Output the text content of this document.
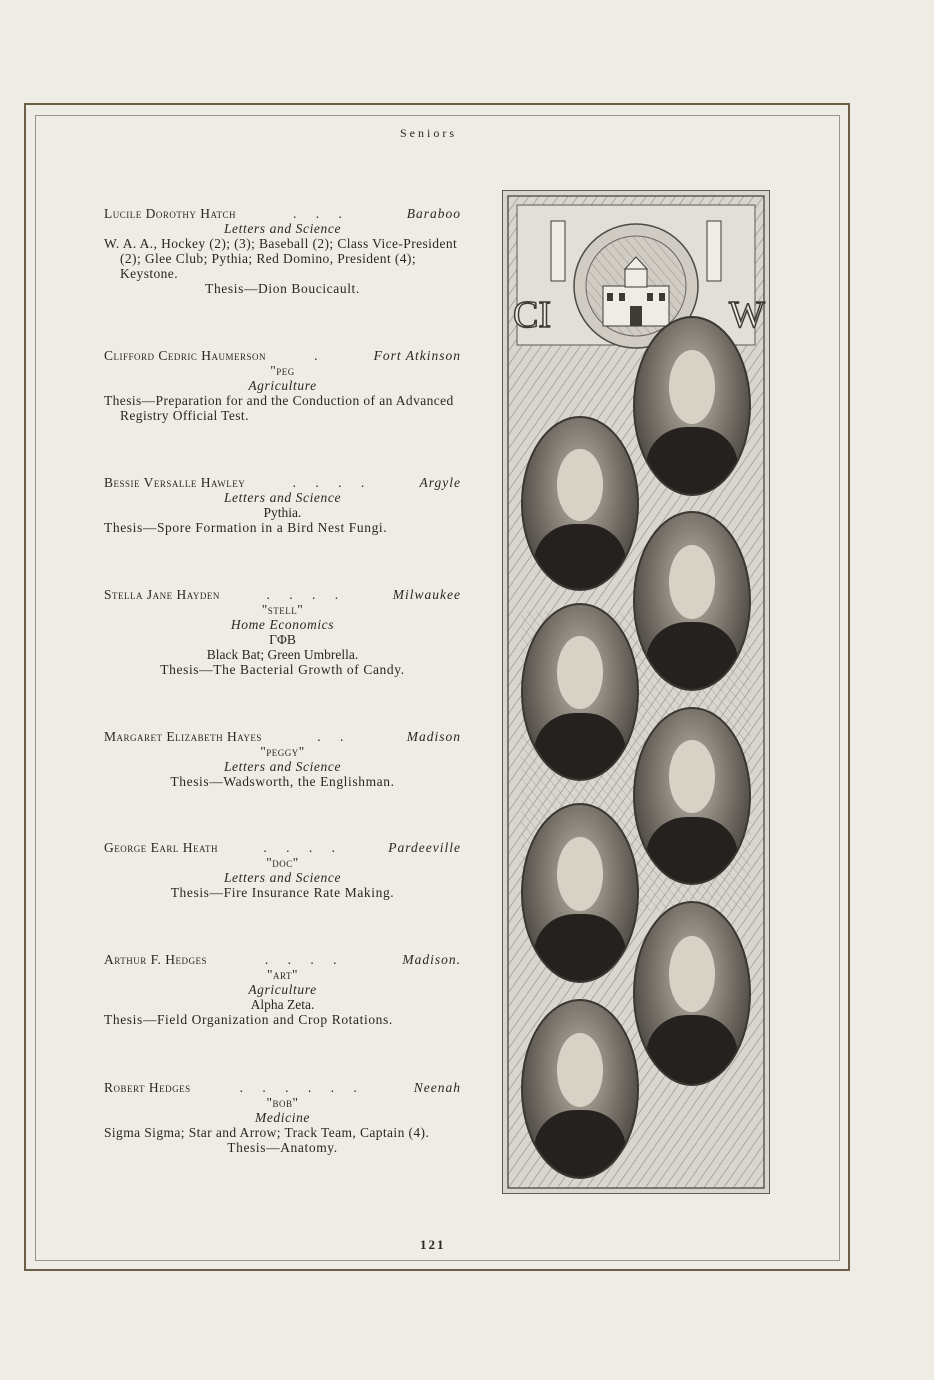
Seniors
Lucile Dorothy Hatch	. . .	Baraboo
Letters and Science
W. A. A., Hockey (2); (3); Baseball (2); Class Vice-President (2); Glee Club; Pythia; Red Domino, President (4); Keystone.
Thesis—Dion Boucicault.
Clifford Cedric Haumerson	.	Fort Atkinson
"peg
Agriculture
Thesis—Preparation for and the Conduction of an Advanced Registry Official Test.
Bessie Versalle Hawley	. . . .	Argyle
Letters and Science
Pythia.
Thesis—Spore Formation in a Bird Nest Fungi.
Stella Jane Hayden	. . . .	Milwaukee
"stell"
Home Economics
ΓΦΒ
Black Bat; Green Umbrella.
Thesis—The Bacterial Growth of Candy.
Margaret Elizabeth Hayes	. .	Madison
"peggy"
Letters and Science
Thesis—Wadsworth, the Englishman.
George Earl Heath	. . . .	Pardeeville
"doc"
Letters and Science
Thesis—Fire Insurance Rate Making.
Arthur F. Hedges	. . . .	Madison.
"art"
Agriculture
Alpha Zeta.
Thesis—Field Organization and Crop Rotations.
Robert Hedges	. . . . . .	Neenah
"bob"
Medicine
Sigma Sigma; Star and Arrow; Track Team, Captain (4).
Thesis—Anatomy.
CI	W
121
